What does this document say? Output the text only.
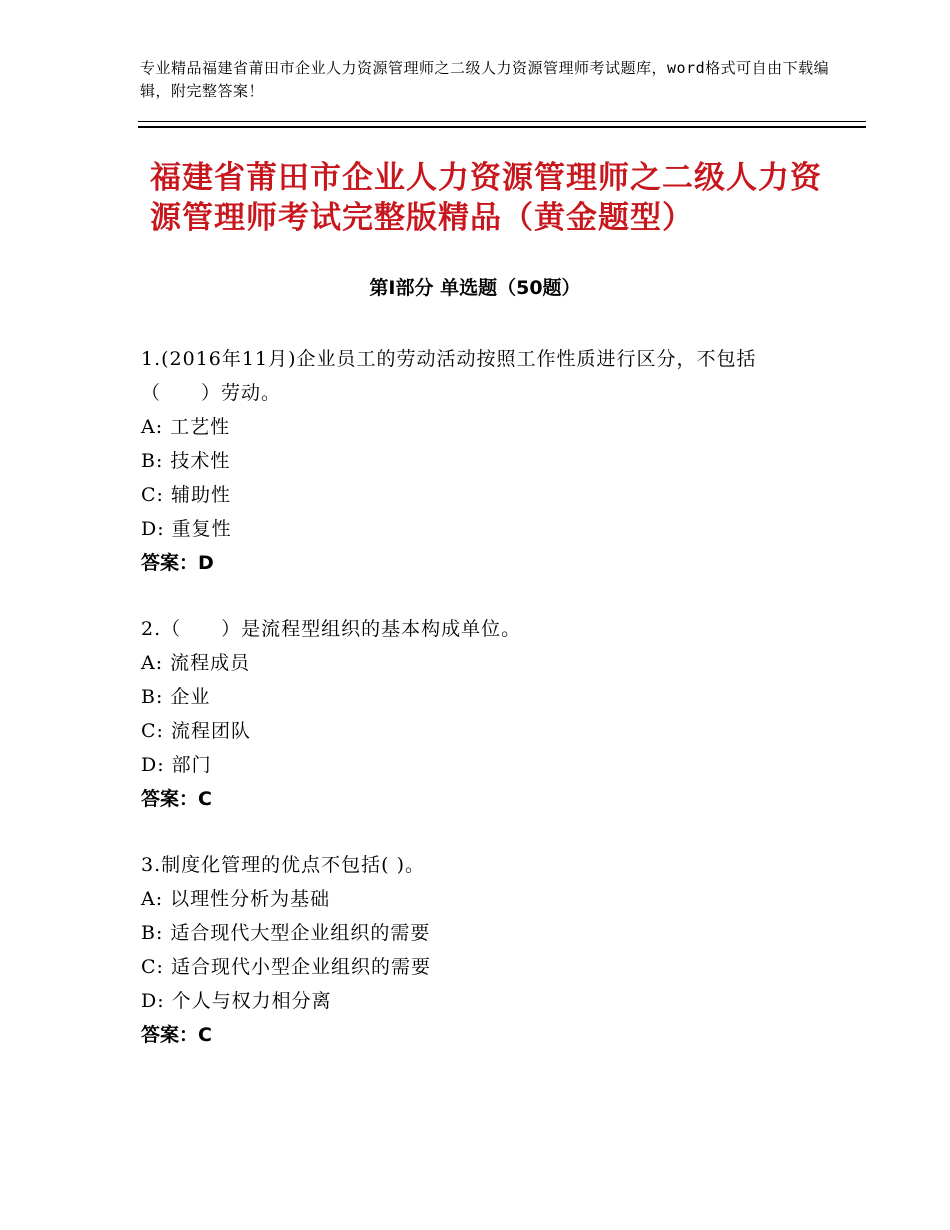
专业精品福建省莆田市企业人力资源管理师之二级人力资源管理师考试题库，word格式可自由下载编辑，附完整答案！
福建省莆田市企业人力资源管理师之二级人力资源管理师考试完整版精品（黄金题型）
第Ⅰ部分 单选题（50题）
1.(2016年11月)企业员工的劳动活动按照工作性质进行区分，不包括
（　　）劳动。
A: 工艺性
B: 技术性
C: 辅助性
D: 重复性
答案：D
2.（　　）是流程型组织的基本构成单位。
A: 流程成员
B: 企业
C: 流程团队
D: 部门
答案：C
3.制度化管理的优点不包括( )。
A: 以理性分析为基础
B: 适合现代大型企业组织的需要
C: 适合现代小型企业组织的需要
D: 个人与权力相分离
答案：C
